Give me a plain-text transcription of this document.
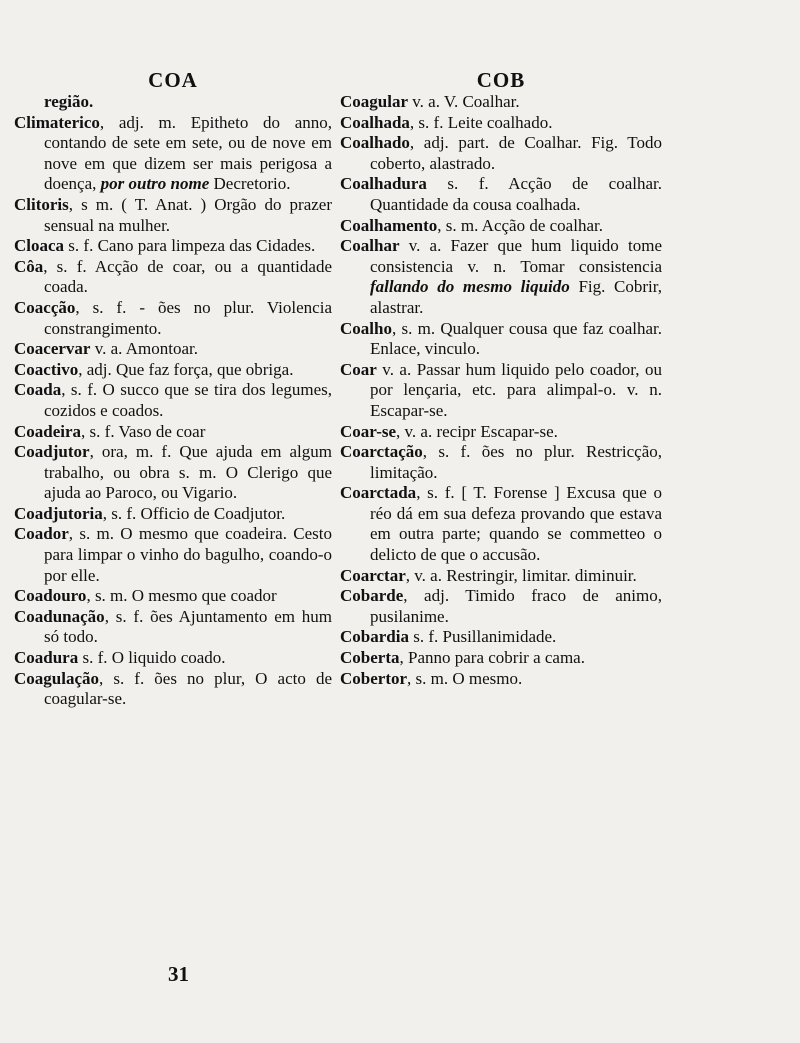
COA
região.
Climaterico, adj. m. Epitheto do anno, contando de sete em sete, ou de nove em nove em que dizem ser mais perigosa a doença, por outro nome Decretorio.
Clitoris, s m. ( T. Anat. ) Orgão do prazer sensual na mulher.
Cloaca s. f. Cano para limpeza das Cidades.
Côa, s. f. Acção de coar, ou a quantidade coada.
Coacção, s. f. - ões no plur. Violencia constrangimento.
Coacervar v. a. Amontoar.
Coactivo, adj. Que faz força, que obriga.
Coada, s. f. O succo que se tira dos legumes, cozidos e coados.
Coadeira, s. f. Vaso de coar
Coadjutor, ora, m. f. Que ajuda em algum trabalho, ou obra s. m. O Clerigo que ajuda ao Paroco, ou Vigario.
Coadjutoria, s. f. Officio de Coadjutor.
Coador, s. m. O mesmo que coadeira. Cesto para limpar o vinho do bagulho, coando-o por elle.
Coadouro, s. m. O mesmo que coador
Coadunação, s. f. ões Ajuntamento em hum só todo.
Coadura s. f. O liquido coado.
Coagulação, s. f. ões no plur, O acto de coagular-se.
COB
Coagular v. a. V. Coalhar.
Coalhada, s. f. Leite coalhado.
Coalhado, adj. part. de Coalhar. Fig. Todo coberto, alastrado.
Coalhadura s. f. Acção de coalhar. Quantidade da cousa coalhada.
Coalhamento, s. m. Acção de coalhar.
Coalhar v. a. Fazer que hum liquido tome consistencia v. n. Tomar consistencia fallando do mesmo liquido Fig. Cobrir, alastrar.
Coalho, s. m. Qualquer cousa que faz coalhar. Enlace, vinculo.
Coar v. a. Passar hum liquido pelo coador, ou por lençaria, etc. para alimpal-o. v. n. Escapar-se.
Coar-se, v. a. recipr Escapar-se.
Coarctação, s. f. ões no plur. Restricção, limitação.
Coarctada, s. f. [ T. Forense ] Excusa que o réo dá em sua defeza provando que estava em outra parte; quando se commetteo o delicto de que o accusão.
Coarctar, v. a. Restringir, limitar. diminuir.
Cobarde, adj. Timido fraco de animo, pusilanime.
Cobardia s. f. Pusillanimidade.
Coberta, Panno para cobrir a cama.
Cobertor, s. m. O mesmo.
31
